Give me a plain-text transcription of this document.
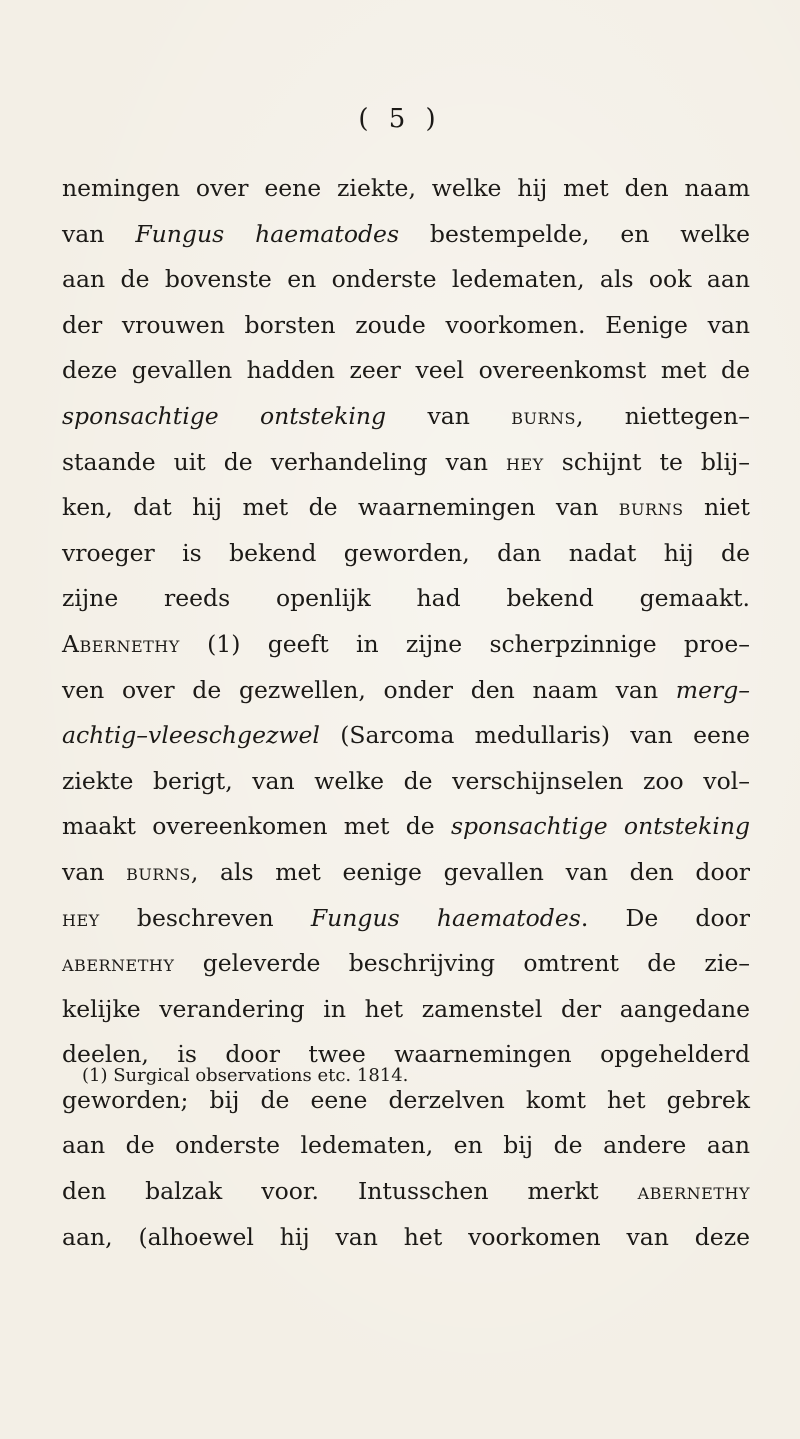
( 5 )
nemingen over eene ziekte, welke hij met den naam
van Fungus haematodes bestempelde, en welke
aan de bovenste en onderste ledematen, als ook aan
der vrouwen borsten zoude voorkomen. Eenige van
deze gevallen hadden zeer veel overeenkomst met de
sponsachtige ontsteking van burns, niettegen–
staande uit de verhandeling van hey schijnt te blij–
ken, dat hij met de waarnemingen van burns niet
vroeger is bekend geworden, dan nadat hij de
zijne reeds openlijk had bekend gemaakt.
Abernethy (1) geeft in zijne scherpzinnige proe–
ven over de gezwellen, onder den naam van merg–
achtig–vleeschgezwel (Sarcoma medullaris) van eene
ziekte berigt, van welke de verschijnselen zoo vol–
maakt overeenkomen met de sponsachtige ontsteking
van burns, als met eenige gevallen van den door
hey beschreven Fungus haematodes. De door
abernethy geleverde beschrijving omtrent de zie–
kelijke verandering in het zamenstel der aangedane
deelen, is door twee waarnemingen opgehelderd
geworden; bij de eene derzelven komt het gebrek
aan de onderste ledematen, en bij de andere aan
den balzak voor. Intusschen merkt abernethy
aan, (alhoewel hij van het voorkomen van deze
(1) Surgical observations etc. 1814.
